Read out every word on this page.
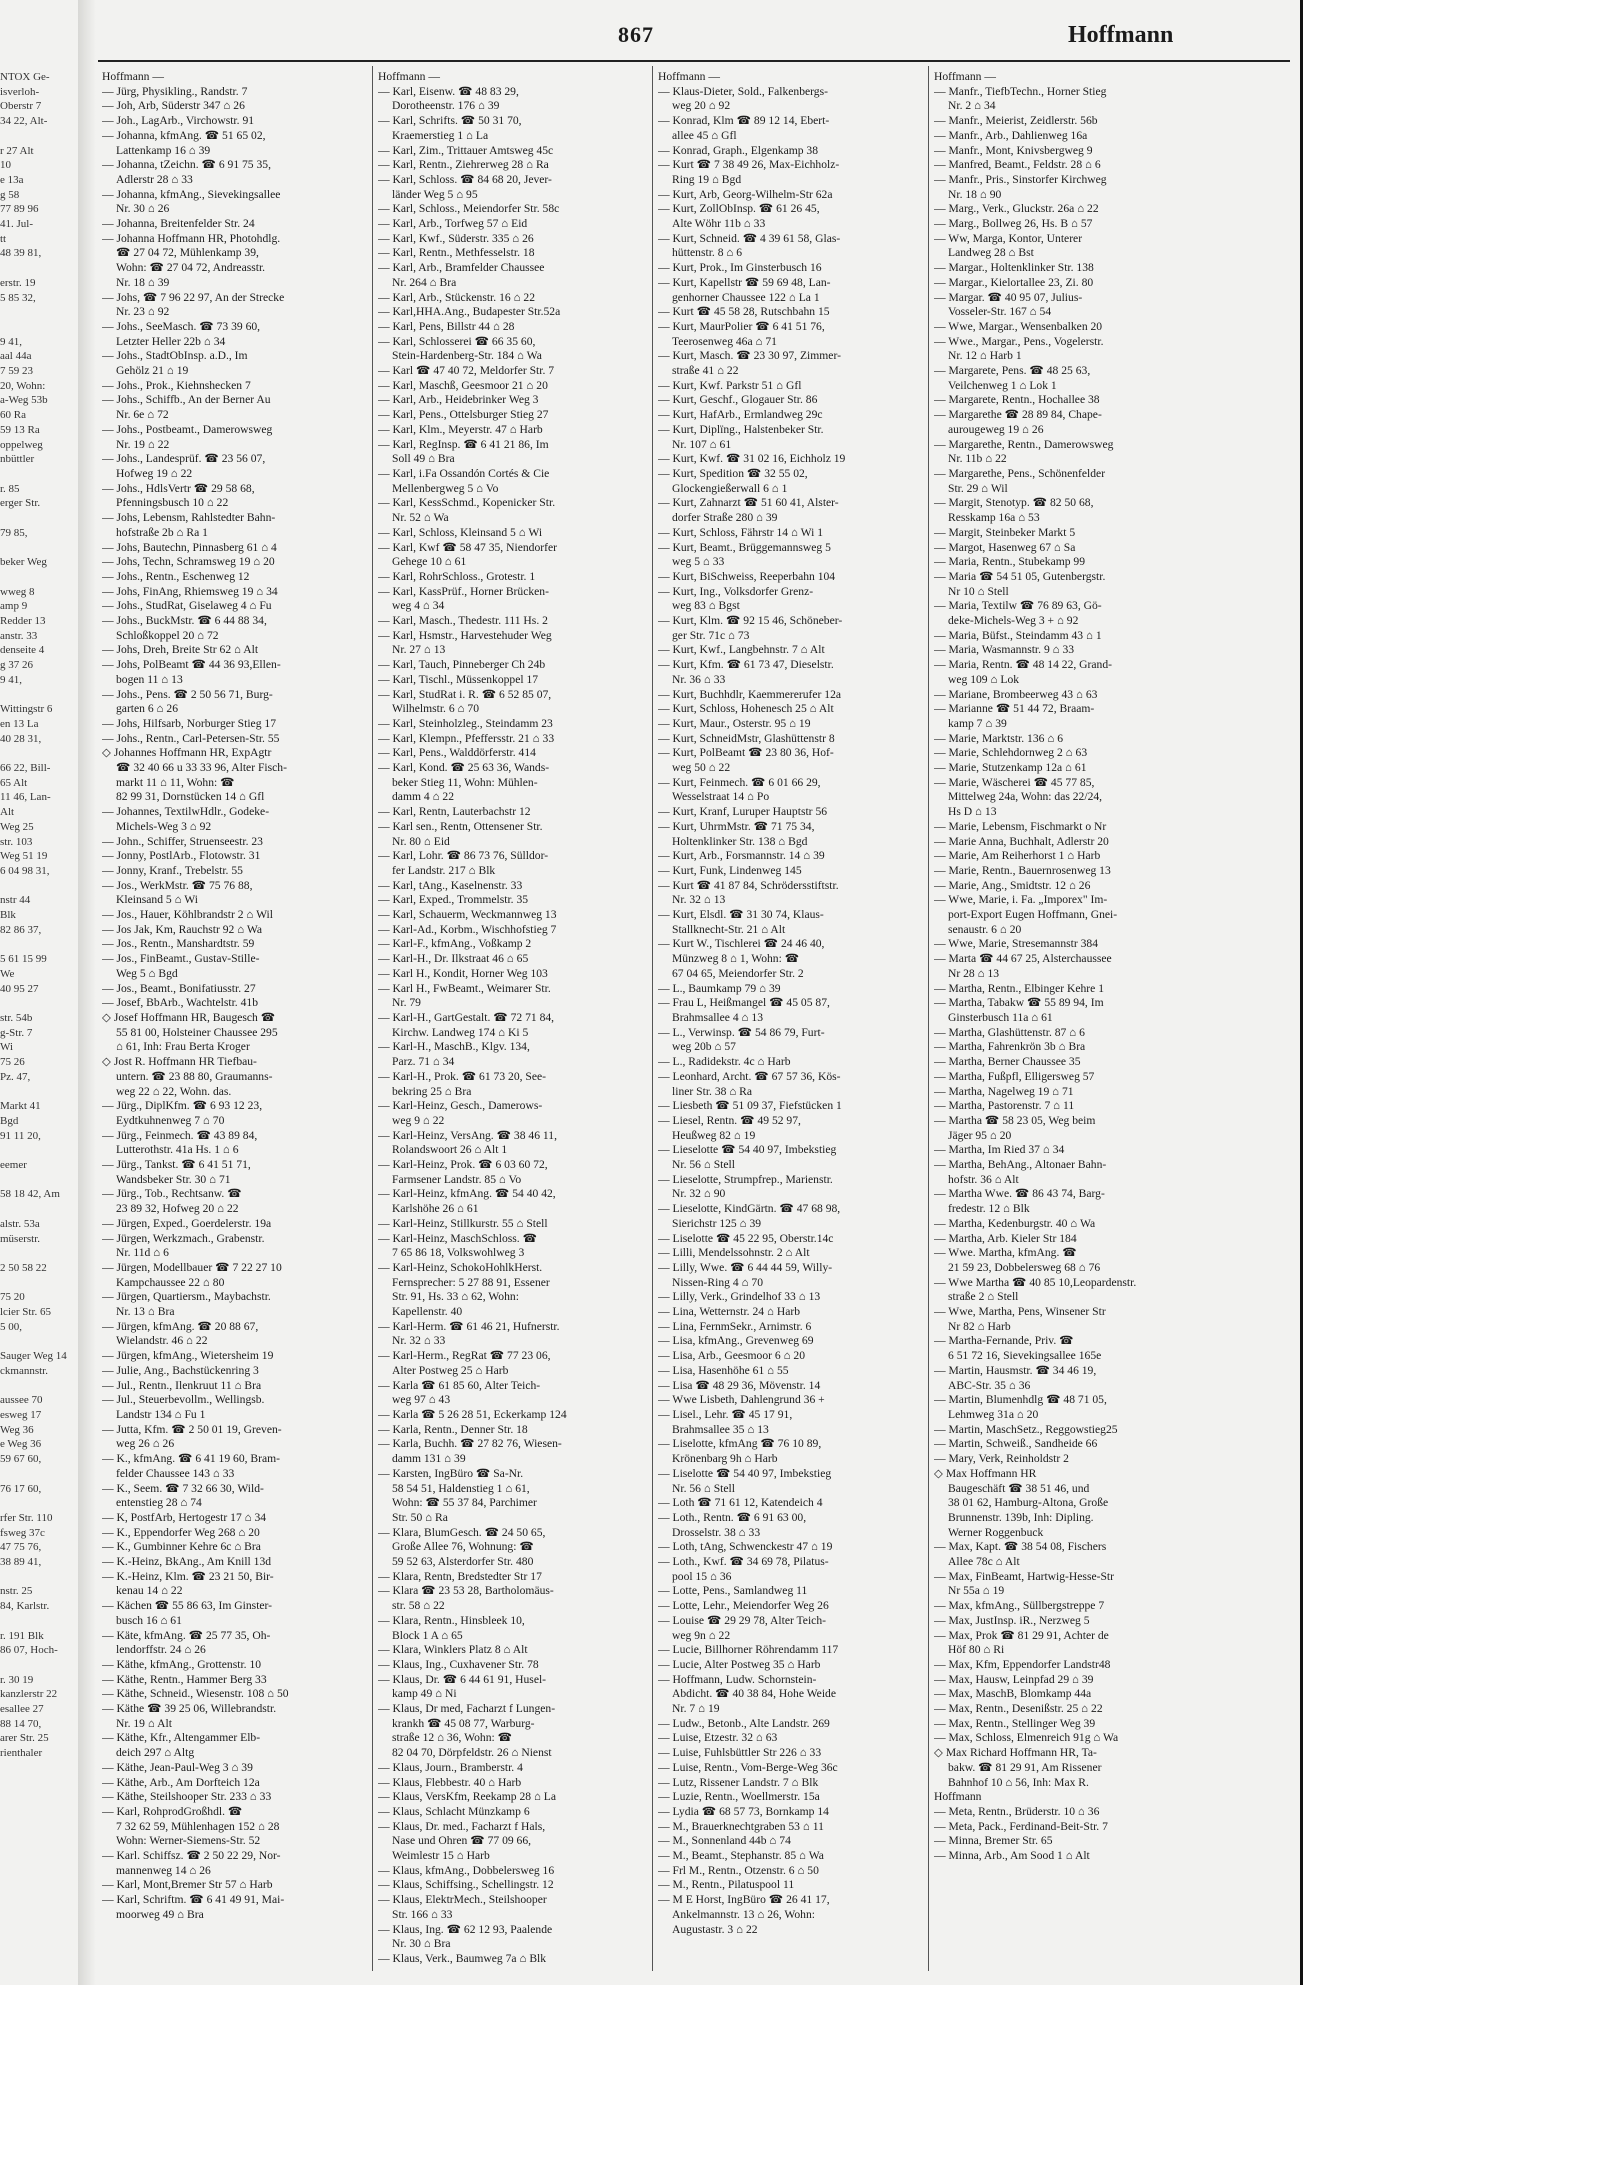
NTOX Ge-
isverloh-
Oberstr 7
34 22, Alt-

r 27 Alt
10
e 13a
g 58
77 89 96
41. Jul-
tt
48 39 81,

erstr. 19
5 85 32,

9 41,
aal 44a
7 59 23
20, Wohn:
a-Weg 53b
60 Ra
59 13 Ra
oppelweg
nbüttler

r. 85
erger Str.

79 85,

beker Weg

wweg 8
amp 9
Redder 13
anstr. 33
denseite 4
g 37 26
9 41,

Wittingstr 6
en 13 La
40 28 31,

66 22, Bill-
65 Alt
11 46, Lan-
Alt
Weg 25
str. 103
Weg 51 19
6 04 98 31,

nstr 44
Blk
82 86 37,

5 61 15 99
We
40 95 27

str. 54b
g-Str. 7
Wi
75 26
Pz. 47,

Markt 41
Bgd
91 11 20,

eemer

58 18 42, Am

alstr. 53a
müserstr.

2 50 58 22

75 20
lcier Str. 65
5 00,

Sauger Weg 14
ckmannstr.

aussee 70
esweg 17
Weg 36
e Weg 36
59 67 60,

76 17 60,

rfer Str. 110
fsweg 37c
47 75 76,
38 89 41,

nstr. 25
84, Karlstr.

r. 191 Blk
86 07, Hoch-

r. 30 19
kanzlerstr 22
esallee 27
88 14 70,
arer Str. 25
rienthaler
867	Hoffmann
Hoffmann —
— Jürg, Physikling., Randstr. 7
— Joh, Arb, Süderstr 347 ⌂ 26
— Joh., LagArb., Virchowstr. 91
— Johanna, kfmAng. ☎ 51 65 02,
Lattenkamp 16 ⌂ 39
— Johanna, tZeichn. ☎ 6 91 75 35,
Adlerstr 28 ⌂ 33
— Johanna, kfmAng., Sievekingsallee
Nr. 30 ⌂ 26
— Johanna, Breitenfelder Str. 24
— Johanna Hoffmann HR, Photohdlg.
☎ 27 04 72, Mühlenkamp 39,
Wohn: ☎ 27 04 72, Andreasstr.
Nr. 18 ⌂ 39
— Johs, ☎ 7 96 22 97, An der Strecke
Nr. 23 ⌂ 92
— Johs., SeeMasch. ☎ 73 39 60,
Letzter Heller 22b ⌂ 34
— Johs., StadtObInsp. a.D., Im
Gehölz 21 ⌂ 19
— Johs., Prok., Kiehnshecken 7
— Johs., Schiffb., An der Berner Au
Nr. 6e ⌂ 72
— Johs., Postbeamt., Damerowsweg
Nr. 19 ⌂ 22
— Johs., Landesprüf. ☎ 23 56 07,
Hofweg 19 ⌂ 22
— Johs., HdlsVertr ☎ 29 58 68,
Pfenningsbusch 10 ⌂ 22
— Johs, Lebensm, Rahlstedter Bahn-
hofstraße 2b ⌂ Ra 1
— Johs, Bautechn, Pinnasberg 61 ⌂ 4
— Johs, Techn, Schramsweg 19 ⌂ 20
— Johs., Rentn., Eschenweg 12
— Johs, FinAng, Rhiemsweg 19 ⌂ 34
— Johs., StudRat, Giselaweg 4 ⌂ Fu
— Johs., BuckMstr. ☎ 6 44 88 34,
Schloßkoppel 20 ⌂ 72
— Johs, Dreh, Breite Str 62 ⌂ Alt
— Johs, PolBeamt ☎ 44 36 93,Ellen-
bogen 11 ⌂ 13
— Johs., Pens. ☎ 2 50 56 71, Burg-
garten 6 ⌂ 26
— Johs, Hilfsarb, Norburger Stieg 17
— Johs., Rentn., Carl-Petersen-Str. 55
◇ Johannes Hoffmann HR, ExpAgtr
☎ 32 40 66 u 33 33 96, Alter Fisch-
markt 11 ⌂ 11, Wohn: ☎
82 99 31, Dornstücken 14 ⌂ Gfl
— Johannes, TextilwHdlr., Godeke-
Michels-Weg 3 ⌂ 92
— John., Schiffer, Struenseestr. 23
— Jonny, PostlArb., Flotowstr. 31
— Jonny, Kranf., Trebelstr. 55
— Jos., WerkMstr. ☎ 75 76 88,
Kleinsand 5 ⌂ Wi
— Jos., Hauer, Köhlbrandstr 2 ⌂ Wil
— Jos Jak, Km, Rauchstr 92 ⌂ Wa
— Jos., Rentn., Manshardtstr. 59
— Jos., FinBeamt., Gustav-Stille-
Weg 5 ⌂ Bgd
— Jos., Beamt., Bonifatiusstr. 27
— Josef, BbArb., Wachtelstr. 41b
◇ Josef Hoffmann HR, Baugesch ☎
55 81 00, Holsteiner Chaussee 295
⌂ 61, Inh: Frau Berta Kroger
◇ Jost R. Hoffmann HR Tiefbau-
untern. ☎ 23 88 80, Graumanns-
weg 22 ⌂ 22, Wohn. das.
— Jürg., DiplKfm. ☎ 6 93 12 23,
Eydtkuhnenweg 7 ⌂ 70
— Jürg., Feinmech. ☎ 43 89 84,
Lutterothstr. 41a Hs. 1 ⌂ 6
— Jürg., Tankst. ☎ 6 41 51 71,
Wandsbeker Str. 30 ⌂ 71
— Jürg., Tob., Rechtsanw. ☎
23 89 32, Hofweg 20 ⌂ 22
— Jürgen, Exped., Goerdelerstr. 19a
— Jürgen, Werkzmach., Grabenstr.
Nr. 11d ⌂ 6
— Jürgen, Modellbauer ☎ 7 22 27 10
Kampchaussee 22 ⌂ 80
— Jürgen, Quartiersm., Maybachstr.
Nr. 13 ⌂ Bra
— Jürgen, kfmAng. ☎ 20 88 67,
Wielandstr. 46 ⌂ 22
— Jürgen, kfmAng., Wietersheim 19
— Julie, Ang., Bachstückenring 3
— Jul., Rentn., Ilenkruut 11 ⌂ Bra
— Jul., Steuerbevollm., Wellingsb.
Landstr 134 ⌂ Fu 1
— Jutta, Kfm. ☎ 2 50 01 19, Greven-
weg 26 ⌂ 26
— K., kfmAng. ☎ 6 41 19 60, Bram-
felder Chaussee 143 ⌂ 33
— K., Seem. ☎ 7 32 66 30, Wild-
entenstieg 28 ⌂ 74
— K, PostfArb, Hertogestr 17 ⌂ 34
— K., Eppendorfer Weg 268 ⌂ 20
— K., Gumbinner Kehre 6c ⌂ Bra
— K.-Heinz, BkAng., Am Knill 13d
— K.-Heinz, Klm. ☎ 23 21 50, Bir-
kenau 14 ⌂ 22
— Kächen ☎ 55 86 63, Im Ginster-
busch 16 ⌂ 61
— Käte, kfmAng. ☎ 25 77 35, Oh-
lendorffstr. 24 ⌂ 26
— Käthe, kfmAng., Grottenstr. 10
— Käthe, Rentn., Hammer Berg 33
— Käthe, Schneid., Wiesenstr. 108 ⌂ 50
— Käthe ☎ 39 25 06, Willebrandstr.
Nr. 19 ⌂ Alt
— Käthe, Kfr., Altengammer Elb-
deich 297 ⌂ Altg
— Käthe, Jean-Paul-Weg 3 ⌂ 39
— Käthe, Arb., Am Dorfteich 12a
— Käthe, Steilshooper Str. 233 ⌂ 33
— Karl, RohprodGroßhdl. ☎
7 32 62 59, Mühlenhagen 152 ⌂ 28
Wohn: Werner-Siemens-Str. 52
— Karl. Schiffsz. ☎ 2 50 22 29, Nor-
mannenweg 14 ⌂ 26
— Karl, Mont,Bremer Str 57 ⌂ Harb
— Karl, Schriftm. ☎ 6 41 49 91, Mai-
moorweg 49 ⌂ Bra
Hoffmann —
— Karl, Eisenw. ☎ 48 83 29,
Dorotheenstr. 176 ⌂ 39
— Karl, Schrifts. ☎ 50 31 70,
Kraemerstieg 1 ⌂ La
— Karl, Zim., Trittauer Amtsweg 45c
— Karl, Rentn., Ziehrerweg 28 ⌂ Ra
— Karl, Schloss. ☎ 84 68 20, Jever-
länder Weg 5 ⌂ 95
— Karl, Schloss., Meiendorfer Str. 58c
— Karl, Arb., Torfweg 57 ⌂ Eid
— Karl, Kwf., Süderstr. 335 ⌂ 26
— Karl, Rentn., Methfesselstr. 18
— Karl, Arb., Bramfelder Chaussee
Nr. 264 ⌂ Bra
— Karl, Arb., Stückenstr. 16 ⌂ 22
— Karl,HHA.Ang., Budapester Str.52a
— Karl, Pens, Billstr 44 ⌂ 28
— Karl, Schlosserei ☎ 66 35 60,
Stein-Hardenberg-Str. 184 ⌂ Wa
— Karl ☎ 47 40 72, Meldorfer Str. 7
— Karl, Maschß, Geesmoor 21 ⌂ 20
— Karl, Arb., Heidebrinker Weg 3
— Karl, Pens., Ottelsburger Stieg 27
— Karl, Klm., Meyerstr. 47 ⌂ Harb
— Karl, RegInsp. ☎ 6 41 21 86, Im
Soll 49 ⌂ Bra
— Karl, i.Fa Ossandón Cortés & Cie
Mellenbergweg 5 ⌂ Vo
— Karl, KessSchmd., Kopenicker Str.
Nr. 52 ⌂ Wa
— Karl, Schloss, Kleinsand 5 ⌂ Wi
— Karl, Kwf ☎ 58 47 35, Niendorfer
Gehege 10 ⌂ 61
— Karl, RohrSchloss., Grotestr. 1
— Karl, KassPrüf., Horner Brücken-
weg 4 ⌂ 34
— Karl, Masch., Thedestr. 111 Hs. 2
— Karl, Hsmstr., Harvestehuder Weg
Nr. 27 ⌂ 13
— Karl, Tauch, Pinneberger Ch 24b
— Karl, Tischl., Müssenkoppel 17
— Karl, StudRat i. R. ☎ 6 52 85 07,
Wilhelmstr. 6 ⌂ 70
— Karl, Steinholzleg., Steindamm 23
— Karl, Klempn., Pfeffersstr. 21 ⌂ 33
— Karl, Pens., Walddörferstr. 414
— Karl, Kond. ☎ 25 63 36, Wands-
beker Stieg 11, Wohn: Mühlen-
damm 4 ⌂ 22
— Karl, Rentn, Lauterbachstr 12
— Karl sen., Rentn, Ottensener Str.
Nr. 80 ⌂ Eid
— Karl, Lohr. ☎ 86 73 76, Sülldor-
fer Landstr. 217 ⌂ Blk
— Karl, tAng., Kaselnenstr. 33
— Karl, Exped., Trommelstr. 35
— Karl, Schauerm, Weckmannweg 13
— Karl-Ad., Korbm., Wischhofstieg 7
— Karl-F., kfmAng., Voßkamp 2
— Karl-H., Dr. Ilkstraat 46 ⌂ 65
— Karl H., Kondit, Horner Weg 103
— Karl H., FwBeamt., Weimarer Str.
Nr. 79
— Karl-H., GartGestalt. ☎ 72 71 84,
Kirchw. Landweg 174 ⌂ Ki 5
— Karl-H., MaschB., Klgv. 134,
Parz. 71 ⌂ 34
— Karl-H., Prok. ☎ 61 73 20, See-
bekring 25 ⌂ Bra
— Karl-Heinz, Gesch., Damerows-
weg 9 ⌂ 22
— Karl-Heinz, VersAng. ☎ 38 46 11,
Rolandswoort 26 ⌂ Alt 1
— Karl-Heinz, Prok. ☎ 6 03 60 72,
Farmsener Landstr. 85 ⌂ Vo
— Karl-Heinz, kfmAng. ☎ 54 40 42,
Karlshöhe 26 ⌂ 61
— Karl-Heinz, Stillkurstr. 55 ⌂ Stell
— Karl-Heinz, MaschSchloss. ☎
7 65 86 18, Volkswohlweg 3
— Karl-Heinz, SchokoHohlkHerst.
Fernsprecher: 5 27 88 91, Essener
Str. 91, Hs. 33 ⌂ 62, Wohn:
Kapellenstr. 40
— Karl-Herm. ☎ 61 46 21, Hufnerstr.
Nr. 32 ⌂ 33
— Karl-Herm., RegRat ☎ 77 23 06,
Alter Postweg 25 ⌂ Harb
— Karla ☎ 61 85 60, Alter Teich-
weg 97 ⌂ 43
— Karla ☎ 5 26 28 51, Eckerkamp 124
— Karla, Rentn., Denner Str. 18
— Karla, Buchh. ☎ 27 82 76, Wiesen-
damm 131 ⌂ 39
— Karsten, IngBüro ☎ Sa-Nr.
58 54 51, Haldenstieg 1 ⌂ 61,
Wohn: ☎ 55 37 84, Parchimer
Str. 50 ⌂ Ra
— Klara, BlumGesch. ☎ 24 50 65,
Große Allee 76, Wohnung: ☎
59 52 63, Alsterdorfer Str. 480
— Klara, Rentn, Bredstedter Str 17
— Klara ☎ 23 53 28, Bartholomäus-
str. 58 ⌂ 22
— Klara, Rentn., Hinsbleek 10,
Block 1 A ⌂ 65
— Klara, Winklers Platz 8 ⌂ Alt
— Klaus, Ing., Cuxhavener Str. 78
— Klaus, Dr. ☎ 6 44 61 91, Husel-
kamp 49 ⌂ Ni
— Klaus, Dr med, Facharzt f Lungen-
krankh ☎ 45 08 77, Warburg-
straße 12 ⌂ 36, Wohn: ☎
82 04 70, Dörpfeldstr. 26 ⌂ Nienst
— Klaus, Journ., Bramberstr. 4
— Klaus, Flebbestr. 40 ⌂ Harb
— Klaus, VersKfm, Reekamp 28 ⌂ La
— Klaus, Schlacht Münzkamp 6
— Klaus, Dr. med., Facharzt f Hals,
Nase und Ohren ☎ 77 09 66,
Weimlestr 15 ⌂ Harb
— Klaus, kfmAng., Dobbelersweg 16
— Klaus, Schiffsing., Schellingstr. 12
— Klaus, ElektrMech., Steilshooper
Str. 166 ⌂ 33
— Klaus, Ing. ☎ 62 12 93, Paalende
Nr. 30 ⌂ Bra
— Klaus, Verk., Baumweg 7a ⌂ Blk
Hoffmann —
— Klaus-Dieter, Sold., Falkenbergs-
weg 20 ⌂ 92
— Konrad, Klm ☎ 89 12 14, Ebert-
allee 45 ⌂ Gfl
— Konrad, Graph., Elgenkamp 38
— Kurt ☎ 7 38 49 26, Max-Eichholz-
Ring 19 ⌂ Bgd
— Kurt, Arb, Georg-Wilhelm-Str 62a
— Kurt, ZollObInsp. ☎ 61 26 45,
Alte Wöhr 11b ⌂ 33
— Kurt, Schneid. ☎ 4 39 61 58, Glas-
hüttenstr. 8 ⌂ 6
— Kurt, Prok., Im Ginsterbusch 16
— Kurt, Kapellstr ☎ 59 69 48, Lan-
genhorner Chaussee 122 ⌂ La 1
— Kurt ☎ 45 58 28, Rutschbahn 15
— Kurt, MaurPolier ☎ 6 41 51 76,
Teerosenweg 46a ⌂ 71
— Kurt, Masch. ☎ 23 30 97, Zimmer-
straße 41 ⌂ 22
— Kurt, Kwf. Parkstr 51 ⌂ Gfl
— Kurt, Geschf., Glogauer Str. 86
— Kurt, HafArb., Ermlandweg 29c
— Kurt, Diplïng., Halstenbeker Str.
Nr. 107 ⌂ 61
— Kurt, Kwf. ☎ 31 02 16, Eichholz 19
— Kurt, Spedition ☎ 32 55 02,
Glockengießerwall 6 ⌂ 1
— Kurt, Zahnarzt ☎ 51 60 41, Alster-
dorfer Straße 280 ⌂ 39
— Kurt, Schloss, Fährstr 14 ⌂ Wi 1
— Kurt, Beamt., Brüggemannsweg 5
weg 5 ⌂ 33
— Kurt, BiSchweiss, Reeperbahn 104
— Kurt, Ing., Volksdorfer Grenz-
weg 83 ⌂ Bgst
— Kurt, Klm. ☎ 92 15 46, Schöneber-
ger Str. 71c ⌂ 73
— Kurt, Kwf., Langbehnstr. 7 ⌂ Alt
— Kurt, Kfm. ☎ 61 73 47, Dieselstr.
Nr. 36 ⌂ 33
— Kurt, Buchhdlr, Kaemmererufer 12a
— Kurt, Schloss, Hohenesch 25 ⌂ Alt
— Kurt, Maur., Osterstr. 95 ⌂ 19
— Kurt, SchneidMstr, Glashüttenstr 8
— Kurt, PolBeamt ☎ 23 80 36, Hof-
weg 50 ⌂ 22
— Kurt, Feinmech. ☎ 6 01 66 29,
Wesselstraat 14 ⌂ Po
— Kurt, Kranf, Luruper Hauptstr 56
— Kurt, UhrmMstr. ☎ 71 75 34,
Holtenklinker Str. 138 ⌂ Bgd
— Kurt, Arb., Forsmannstr. 14 ⌂ 39
— Kurt, Funk, Lindenweg 145
— Kurt ☎ 41 87 84, Schrödersstiftstr.
Nr. 32 ⌂ 13
— Kurt, Elsdl. ☎ 31 30 74, Klaus-
Stallknecht-Str. 21 ⌂ Alt
— Kurt W., Tischlerei ☎ 24 46 40,
Münzweg 8 ⌂ 1, Wohn: ☎
67 04 65, Meiendorfer Str. 2
— L., Baumkamp 79 ⌂ 39
— Frau L, Heißmangel ☎ 45 05 87,
Brahmsallee 4 ⌂ 13
— L., Verwinsp. ☎ 54 86 79, Furt-
weg 20b ⌂ 57
— L., Radidekstr. 4c ⌂ Harb
— Leonhard, Archt. ☎ 67 57 36, Kös-
liner Str. 38 ⌂ Ra
— Liesbeth ☎ 51 09 37, Fiefstücken 1
— Liesel, Rentn. ☎ 49 52 97,
Heußweg 82 ⌂ 19
— Lieselotte ☎ 54 40 97, Imbekstieg
Nr. 56 ⌂ Stell
— Lieselotte, Strumpfrep., Marienstr.
Nr. 32 ⌂ 90
— Lieselotte, KindGärtn. ☎ 47 68 98,
Sierichstr 125 ⌂ 39
— Liselotte ☎ 45 22 95, Oberstr.14c
— Lilli, Mendelssohnstr. 2 ⌂ Alt
— Lilly, Wwe. ☎ 6 44 44 59, Willy-
Nissen-Ring 4 ⌂ 70
— Lilly, Verk., Grindelhof 33 ⌂ 13
— Lina, Wetternstr. 24 ⌂ Harb
— Lina, FernmSekr., Arnimstr. 6
— Lisa, kfmAng., Grevenweg 69
— Lisa, Arb., Geesmoor 6 ⌂ 20
— Lisa, Hasenhöhe 61 ⌂ 55
— Lisa ☎ 48 29 36, Mövenstr. 14
— Wwe Lisbeth, Dahlengrund 36 +
— Lisel., Lehr. ☎ 45 17 91,
Brahmsallee 35 ⌂ 13
— Liselotte, kfmAng ☎ 76 10 89,
Krönenbarg 9h ⌂ Harb
— Liselotte ☎ 54 40 97, Imbekstieg
Nr. 56 ⌂ Stell
— Loth ☎ 71 61 12, Katendeich 4
— Loth., Rentn. ☎ 6 91 63 00,
Drosselstr. 38 ⌂ 33
— Loth, tAng, Schwenckestr 47 ⌂ 19
— Loth., Kwf. ☎ 34 69 78, Pilatus-
pool 15 ⌂ 36
— Lotte, Pens., Samlandweg 11
— Lotte, Lehr., Meiendorfer Weg 26
— Louise ☎ 29 29 78, Alter Teich-
weg 9n ⌂ 22
— Lucie, Billhorner Röhrendamm 117
— Lucie, Alter Postweg 35 ⌂ Harb
— Hoffmann, Ludw. Schornstein-
Abdicht. ☎ 40 38 84, Hohe Weide
Nr. 7 ⌂ 19
— Ludw., Betonb., Alte Landstr. 269
— Luise, Etzestr. 32 ⌂ 63
— Luise, Fuhlsbüttler Str 226 ⌂ 33
— Luise, Rentn., Vom-Berge-Weg 36c
— Lutz, Rissener Landstr. 7 ⌂ Blk
— Luzie, Rentn., Woellmerstr. 15a
— Lydia ☎ 68 57 73, Bornkamp 14
— M., Brauerknechtgraben 53 ⌂ 11
— M., Sonnenland 44b ⌂ 74
— M., Beamt., Stephanstr. 85 ⌂ Wa
— Frl M., Rentn., Otzenstr. 6 ⌂ 50
— M., Rentn., Pilatuspool 11
— M E Horst, IngBüro ☎ 26 41 17,
Ankelmannstr. 13 ⌂ 26, Wohn:
Augustastr. 3 ⌂ 22
Hoffmann —
— Manfr., TiefbTechn., Horner Stieg
Nr. 2 ⌂ 34
— Manfr., Meierist, Zeidlerstr. 56b
— Manfr., Arb., Dahlienweg 16a
— Manfr., Mont, Knivsbergweg 9
— Manfred, Beamt., Feldstr. 28 ⌂ 6
— Manfr., Pris., Sinstorfer Kirchweg
Nr. 18 ⌂ 90
— Marg., Verk., Gluckstr. 26a ⌂ 22
— Marg., Bollweg 26, Hs. B ⌂ 57
— Ww, Marga, Kontor, Unterer
Landweg 28 ⌂ Bst
— Margar., Holtenklinker Str. 138
— Margar., Kielortallee 23, Zi. 80
— Margar. ☎ 40 95 07, Julius-
Vosseler-Str. 167 ⌂ 54
— Wwe, Margar., Wensenbalken 20
— Wwe., Margar., Pens., Vogelerstr.
Nr. 12 ⌂ Harb 1
— Margarete, Pens. ☎ 48 25 63,
Veilchenweg 1 ⌂ Lok 1
— Margarete, Rentn., Hochallee 38
— Margarethe ☎ 28 89 84, Chape-
aurougeweg 19 ⌂ 26
— Margarethe, Rentn., Damerowsweg
Nr. 11b ⌂ 22
— Margarethe, Pens., Schönenfelder
Str. 29 ⌂ Wil
— Margit, Stenotyp. ☎ 82 50 68,
Resskamp 16a ⌂ 53
— Margit, Steinbeker Markt 5
— Margot, Hasenweg 67 ⌂ Sa
— Maria, Rentn., Stubekamp 99
— Maria ☎ 54 51 05, Gutenbergstr.
Nr 10 ⌂ Stell
— Maria, Textilw ☎ 76 89 63, Gö-
deke-Michels-Weg 3 + ⌂ 92
— Maria, Büfst., Steindamm 43 ⌂ 1
— Maria, Wasmannstr. 9 ⌂ 33
— Maria, Rentn. ☎ 48 14 22, Grand-
weg 109 ⌂ Lok
— Mariane, Brombeerweg 43 ⌂ 63
— Marianne ☎ 51 44 72, Braam-
kamp 7 ⌂ 39
— Marie, Marktstr. 136 ⌂ 6
— Marie, Schlehdornweg 2 ⌂ 63
— Marie, Stutzenkamp 12a ⌂ 61
— Marie, Wäscherei ☎ 45 77 85,
Mittelweg 24a, Wohn: das 22/24,
Hs D ⌂ 13
— Marie, Lebensm, Fischmarkt o Nr
— Marie Anna, Buchhalt, Adlerstr 20
— Marie, Am Reiherhorst 1 ⌂ Harb
— Marie, Rentn., Bauernrosenweg 13
— Marie, Ang., Smidtstr. 12 ⌂ 26
— Wwe, Marie, i. Fa. „Imporex" Im-
port-Export Eugen Hoffmann, Gnei-
senaustr. 6 ⌂ 20
— Wwe, Marie, Stresemannstr 384
— Marta ☎ 44 67 25, Alsterchaussee
Nr 28 ⌂ 13
— Martha, Rentn., Elbinger Kehre 1
— Martha, Tabakw ☎ 55 89 94, Im
Ginsterbusch 11a ⌂ 61
— Martha, Glashüttenstr. 87 ⌂ 6
— Martha, Fahrenkrön 3b ⌂ Bra
— Martha, Berner Chaussee 35
— Martha, Fußpfl, Elligersweg 57
— Martha, Nagelweg 19 ⌂ 71
— Martha, Pastorenstr. 7 ⌂ 11
— Martha ☎ 58 23 05, Weg beim
Jäger 95 ⌂ 20
— Martha, Im Ried 37 ⌂ 34
— Martha, BehAng., Altonaer Bahn-
hofstr. 36 ⌂ Alt
— Martha Wwe. ☎ 86 43 74, Barg-
fredestr. 12 ⌂ Blk
— Martha, Kedenburgstr. 40 ⌂ Wa
— Martha, Arb. Kieler Str 184
— Wwe. Martha, kfmAng. ☎
21 59 23, Dobbelersweg 68 ⌂ 76
— Wwe Martha ☎ 40 85 10,Leopardenstr.
straße 2 ⌂ Stell
— Wwe, Martha, Pens, Winsener Str
Nr 82 ⌂ Harb
— Martha-Fernande, Priv. ☎
6 51 72 16, Sievekingsallee 165e
— Martin, Hausmstr. ☎ 34 46 19,
ABC-Str. 35 ⌂ 36
— Martin, Blumenhdlg ☎ 48 71 05,
Lehmweg 31a ⌂ 20
— Martin, MaschSetz., Reggowstieg25
— Martin, Schweiß., Sandheide 66
— Mary, Verk, Reinholdstr 2
◇ Max Hoffmann HR
Baugeschäft ☎ 38 51 46, und
38 01 62, Hamburg-Altona, Große
Brunnenstr. 139b, Inh: Dipling.
Werner Roggenbuck
— Max, Kapt. ☎ 38 54 08, Fischers
Allee 78c ⌂ Alt
— Max, FinBeamt, Hartwig-Hesse-Str
Nr 55a ⌂ 19
— Max, kfmAng., Süllbergstreppe 7
— Max, JustInsp. iR., Nerzweg 5
— Max, Prok ☎ 81 29 91, Achter de
Höf 80 ⌂ Ri
— Max, Kfm, Eppendorfer Landstr48
— Max, Hausw, Leinpfad 29 ⌂ 39
— Max, MaschB, Blomkamp 44a
— Max, Rentn., Desenißstr. 25 ⌂ 22
— Max, Rentn., Stellinger Weg 39
— Max, Schloss, Elmenreich 91g ⌂ Wa
◇ Max Richard Hoffmann HR, Ta-
bakw. ☎ 81 29 91, Am Rissener
Bahnhof 10 ⌂ 56, Inh: Max R.
Hoffmann
— Meta, Rentn., Brüderstr. 10 ⌂ 36
— Meta, Pack., Ferdinand-Beit-Str. 7
— Minna, Bremer Str. 65
— Minna, Arb., Am Sood 1 ⌂ Alt
